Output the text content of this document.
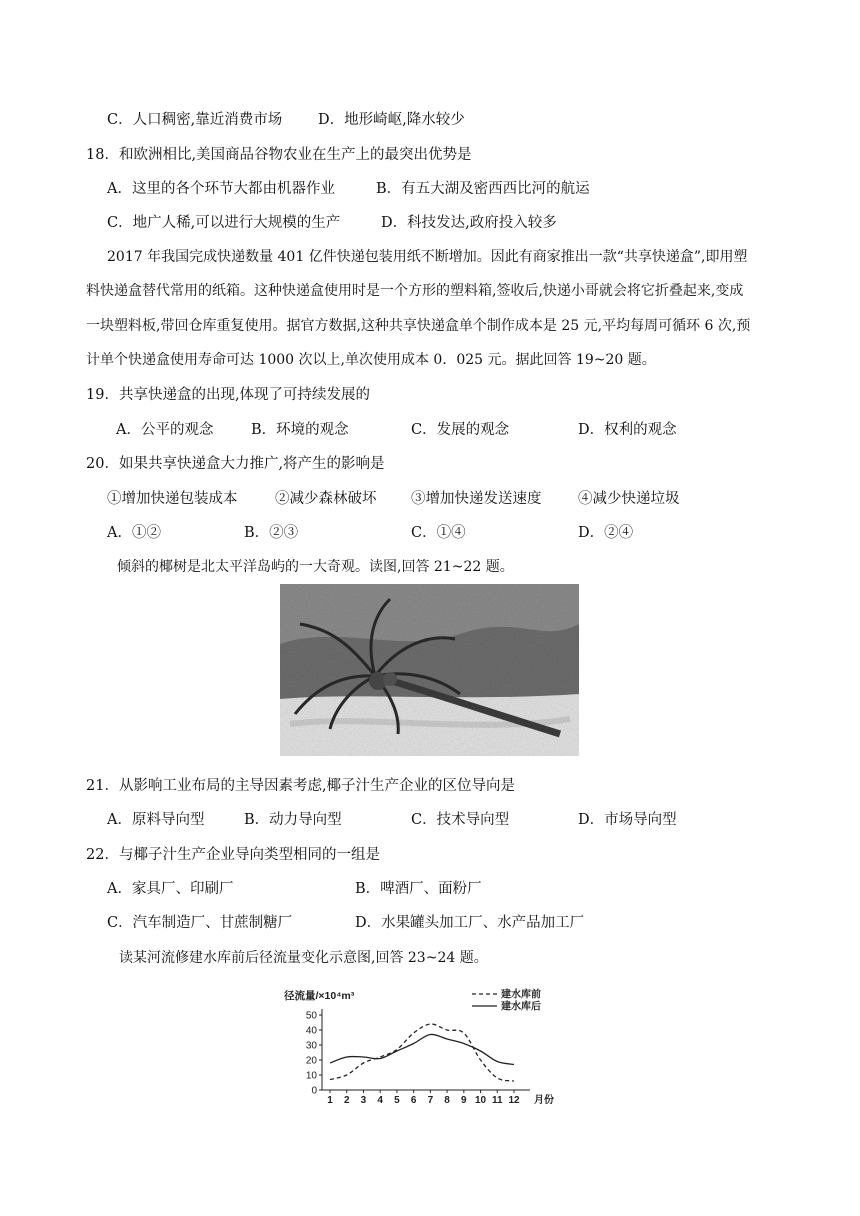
C．人口稠密,靠近消费市场 D．地形崎岖,降水较少
18．和欧洲相比,美国商品谷物农业在生产上的最突出优势是
A．这里的各个环节大都由机器作业	B．有五大湖及密西西比河的航运
C．地广人稀,可以进行大规模的生产	D．科技发达,政府投入较多
2017 年我国完成快递数量 401 亿件快递包装用纸不断增加。因此有商家推出一款“共享快递盒”,即用塑
料快递盒替代常用的纸箱。这种快递盒使用时是一个方形的塑料箱,签收后,快递小哥就会将它折叠起来,变成
一块塑料板,带回仓库重复使用。据官方数据,这种共享快递盒单个制作成本是 25 元,平均每周可循环 6 次,预
计单个快递盒使用寿命可达 1000 次以上,单次使用成本 0．025 元。据此回答 19~20 题。
19．共享快递盒的出现,体现了可持续发展的
A．公平的观念	B．环境的观念	C．发展的观念	D．权利的观念
20．如果共享快递盒大力推广,将产生的影响是
①增加快递包装成本	②减少森林破坏 ③增加快递发送速度	④减少快递垃圾
A．①②	B．②③	C．①④	D．②④
倾斜的椰树是北太平洋岛屿的一大奇观。读图,回答 21~22 题。
21．从影响工业布局的主导因素考虑,椰子汁生产企业的区位导向是
A．原料导向型	B．动力导向型	C．技术导向型	D．市场导向型
22．与椰子汁生产企业导向类型相同的一组是
A．家具厂、印刷厂	B．啤酒厂、面粉厂
C．汽车制造厂、甘蔗制糖厂	D．水果罐头加工厂、水产品加工厂
读某河流修建水库前后径流量变化示意图,回答 23~24 题。
0
10
20
30
40
50
1 2 3 4 5 6 7 8 9 10 11 12 月份
径流量/×10⁴m³	建水库前
建水库后
